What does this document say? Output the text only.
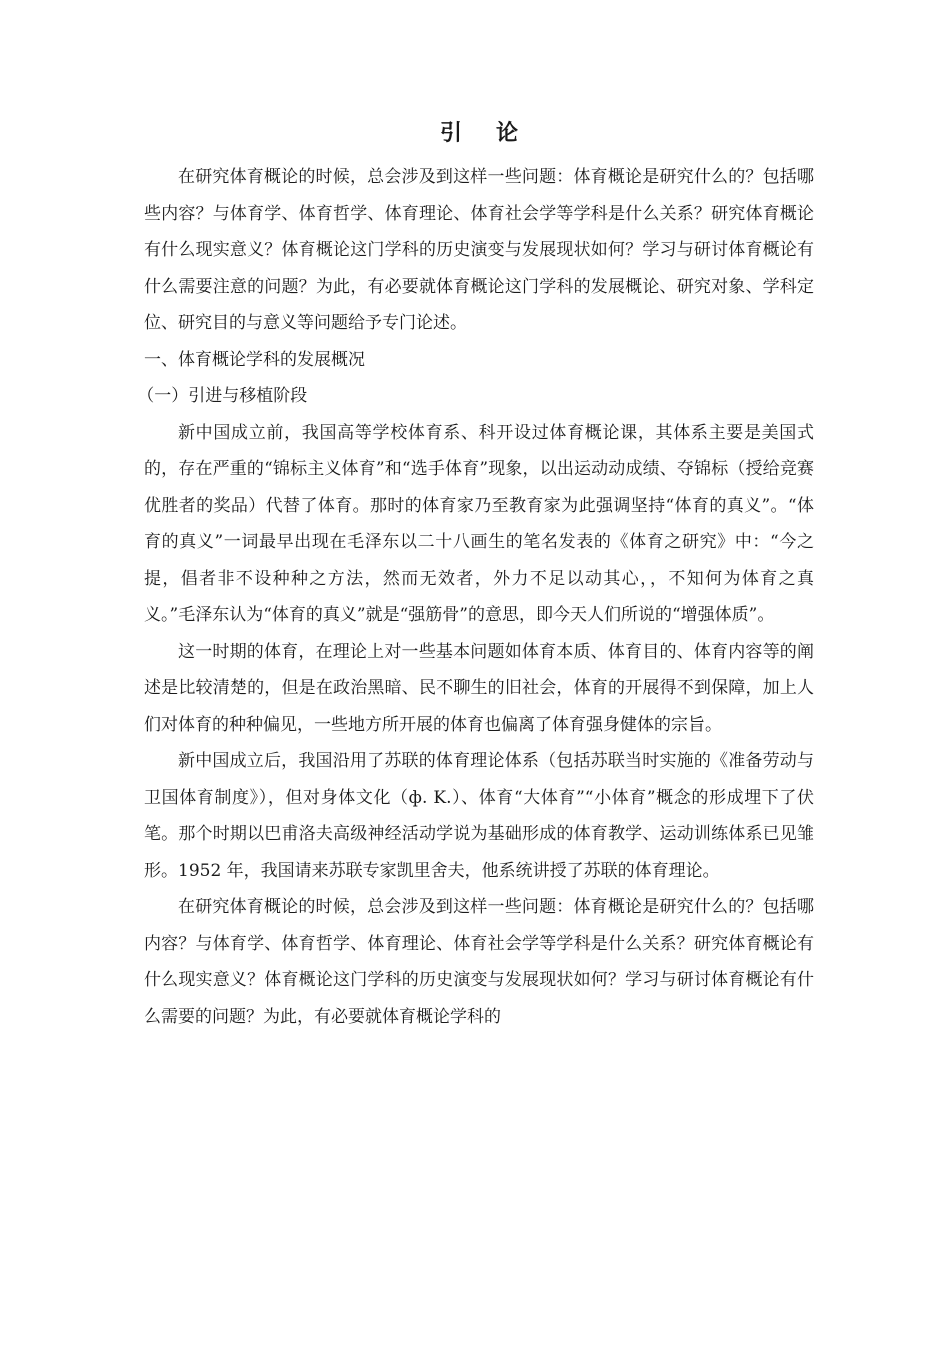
引论

在研究体育概论的时候，总会涉及到这样一些问题：体育概论是研究什么的？包括哪些内容？与体育学、体育哲学、体育理论、体育社会学等学科是什么关系？研究体育概论有什么现实意义？体育概论这门学科的历史演变与发展现状如何？学习与研讨体育概论有什么需要注意的问题？为此，有必要就体育概论这门学科的发展概论、研究对象、学科定位、研究目的与意义等问题给予专门论述。

一、体育概论学科的发展概况

（一）引进与移植阶段

新中国成立前，我国高等学校体育系、科开设过体育概论课，其体系主要是美国式的，存在严重的“锦标主义体育”和“选手体育”现象，以出运动动成绩、夺锦标（授给竞赛优胜者的奖品）代替了体育。那时的体育家乃至教育家为此强调坚持“体育的真义”。“体育的真义”一词最早出现在毛泽东以二十八画生的笔名发表的《体育之研究》中：“今之提，倡者非不设种种之方法，然而无效者，外力不足以动其心，，不知何为体育之真义。”毛泽东认为“体育的真义”就是“强筋骨”的意思，即今天人们所说的“增强体质”。

这一时期的体育，在理论上对一些基本问题如体育本质、体育目的、体育内容等的阐述是比较清楚的，但是在政治黑暗、民不聊生的旧社会，体育的开展得不到保障，加上人们对体育的种种偏见，一些地方所开展的体育也偏离了体育强身健体的宗旨。

新中国成立后，我国沿用了苏联的体育理论体系（包括苏联当时实施的《准备劳动与卫国体育制度》），但对身体文化（ф. K.）、体育“大体育”“小体育”概念的形成埋下了伏笔。那个时期以巴甫洛夫高级神经活动学说为基础形成的体育教学、运动训练体系已见雏形。1952 年，我国请来苏联专家凯里舍夫，他系统讲授了苏联的体育理论。

在研究体育概论的时候，总会涉及到这样一些问题：体育概论是研究什么的？包括哪内容？与体育学、体育哲学、体育理论、体育社会学等学科是什么关系？研究体育概论有什么现实意义？体育概论这门学科的历史演变与发展现状如何？学习与研讨体育概论有什么需要的问题？为此，有必要就体育概论学科的
